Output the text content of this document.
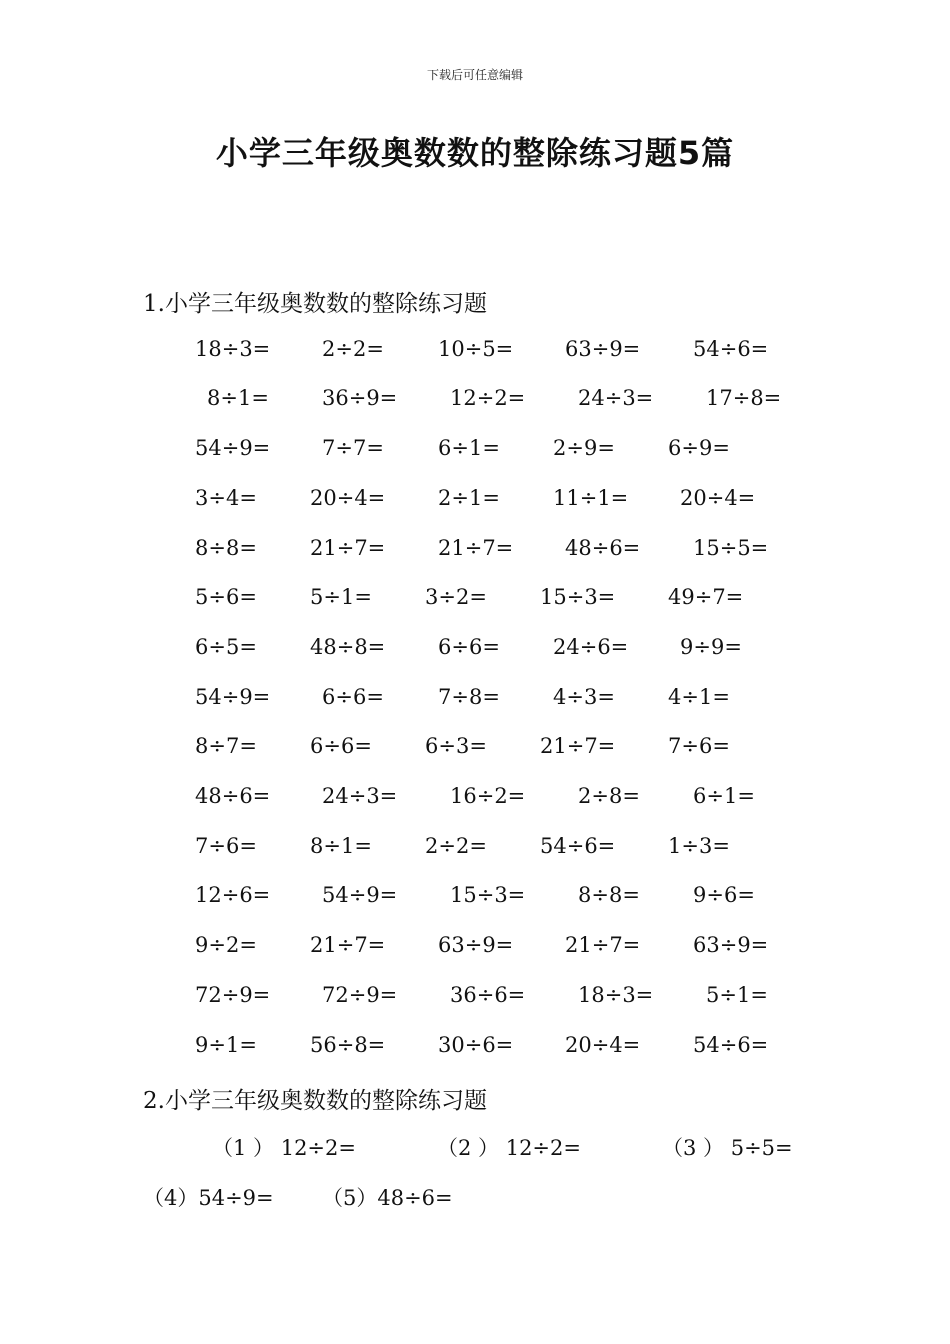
下载后可任意编辑
小学三年级奥数数的整除练习题5篇
1.小学三年级奥数数的整除练习题
18÷3= 2÷2=	10÷5= 63÷9=	54÷6=
8÷1=	36÷9=	12÷2=	24÷3=	17÷8=
54÷9= 7÷7=	6÷1=	2÷9=	6÷9=
3÷4=	20÷4=	2÷1=	11÷1= 20÷4=
8÷8=	21÷7=	21÷7= 48÷6=	15÷5=
5÷6=	5÷1=	3÷2=	15÷3=	49÷7=
6÷5=	48÷8=	6÷6=	24÷6= 9÷9=
54÷9= 6÷6=	7÷8=	4÷3=	4÷1=
8÷7=	6÷6=	6÷3=	21÷7=	7÷6=
48÷6= 24÷3=	16÷2=	2÷8=	6÷1=
7÷6=	8÷1=	2÷2=	54÷6=	1÷3=
12÷6= 54÷9=	15÷3=	8÷8=	9÷6=
9÷2=	21÷7=	63÷9= 21÷7=	63÷9=
72÷9= 72÷9=	36÷6=	18÷3=	5÷1=
9÷1=	56÷8=	30÷6= 20÷4=	54÷6=
2.小学三年级奥数数的整除练习题
（1 ） 12÷2=	（2 ） 12÷2=	（3 ） 5÷5=
（4）54÷9= （5）48÷6=
